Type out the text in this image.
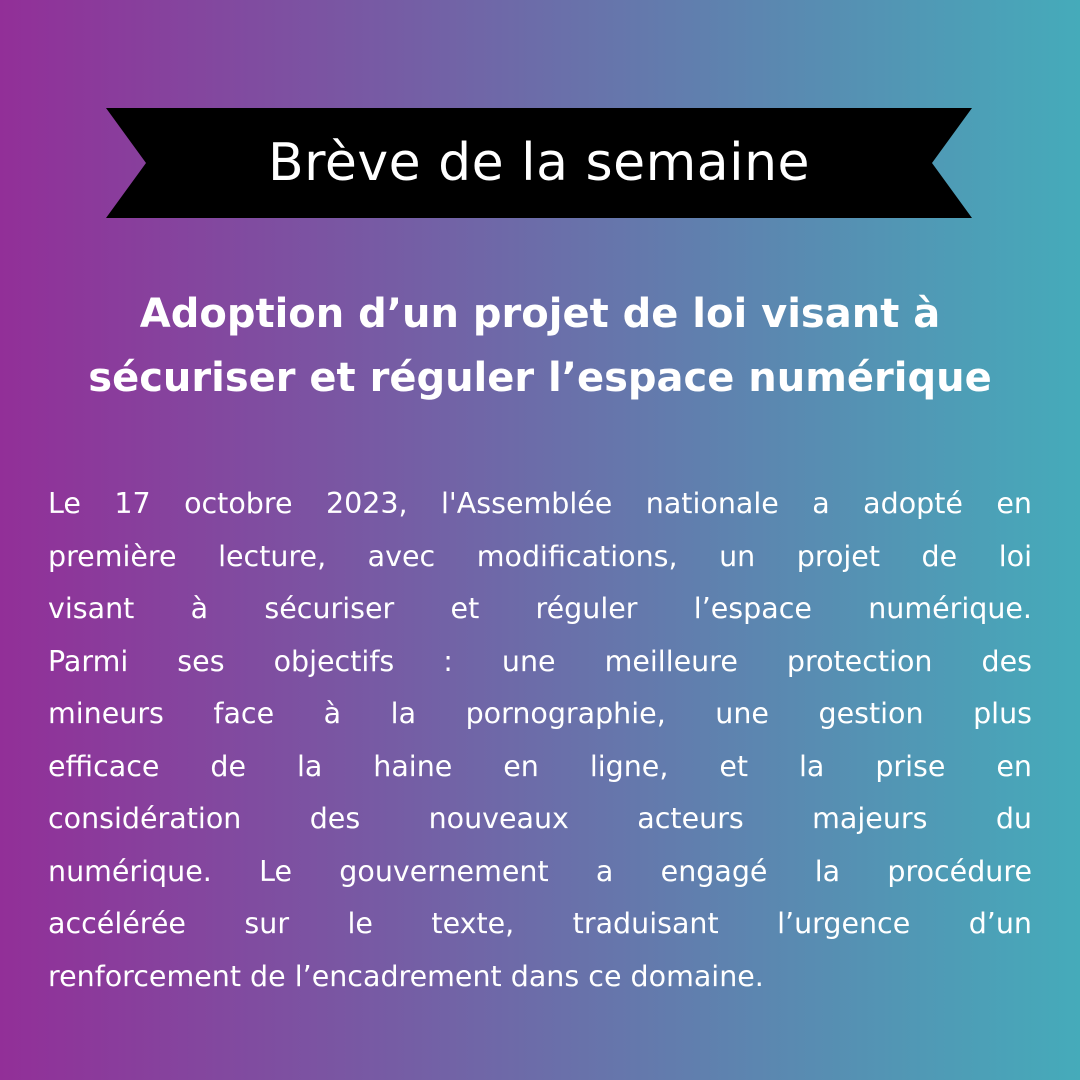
Brève de la semaine
Adoption d’un projet de loi visant à
sécuriser et réguler l’espace numérique
Le 17 octobre 2023, l'Assemblée nationale a adopté en
première lecture, avec modifications, un projet de loi
visant à sécuriser et réguler l’espace numérique.
Parmi ses objectifs : une meilleure protection des
mineurs face à la pornographie, une gestion plus
efficace de la haine en ligne, et la prise en
considération des nouveaux acteurs majeurs du
numérique. Le gouvernement a engagé la procédure
accélérée sur le texte, traduisant l’urgence d’un
renforcement de l’encadrement dans ce domaine.
